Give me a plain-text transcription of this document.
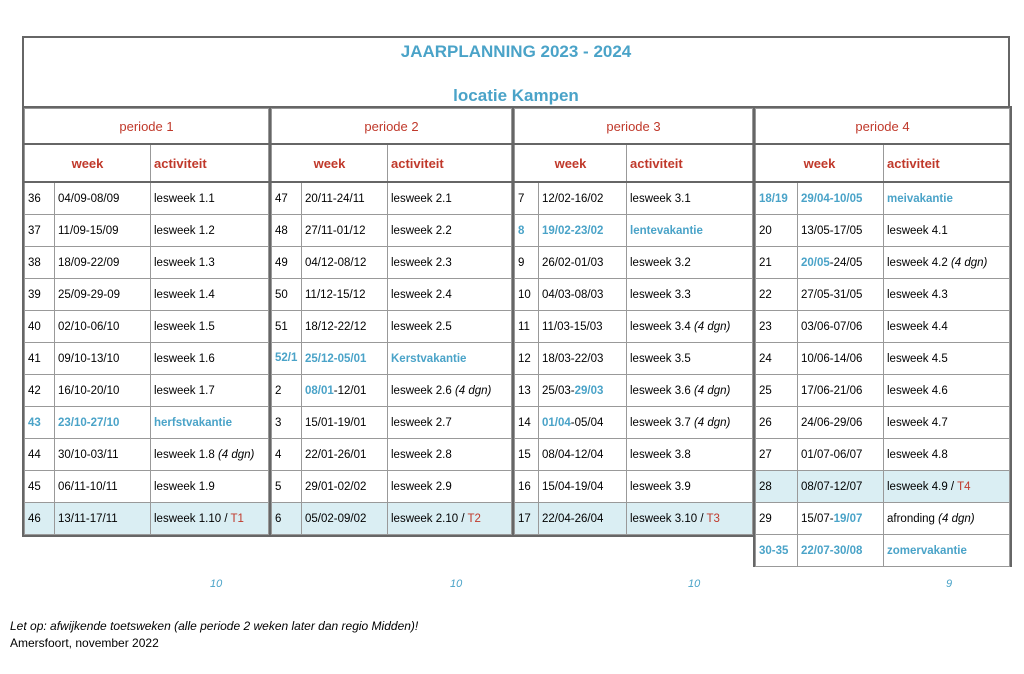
JAARPLANNING 2023 - 2024
locatie Kampen
periode 1		
week		activiteit
36	04/09-08/09	lesweek 1.1
37	11/09-15/09	lesweek 1.2
38	18/09-22/09	lesweek 1.3
39	25/09-29-09	lesweek 1.4
40	02/10-06/10	lesweek 1.5
41	09/10-13/10	lesweek 1.6
42	16/10-20/10	lesweek 1.7
43	23/10-27/10	herfstvakantie
44	30/10-03/11	lesweek 1.8 (4 dgn)
45	06/11-10/11	lesweek 1.9
46	13/11-17/11	lesweek 1.10 / T1
periode 2		
week		activiteit
47	20/11-24/11	lesweek 2.1
48	27/11-01/12	lesweek 2.2
49	04/12-08/12	lesweek 2.3
50	11/12-15/12	lesweek 2.4
51	18/12-22/12	lesweek 2.5
52/1	25/12-05/01	Kerstvakantie
2	08/01-12/01	lesweek 2.6 (4 dgn)
3	15/01-19/01	lesweek 2.7
4	22/01-26/01	lesweek 2.8
5	29/01-02/02	lesweek 2.9
6	05/02-09/02	lesweek 2.10 / T2
periode 3		
week		activiteit
7	12/02-16/02	lesweek 3.1
8	19/02-23/02	lentevakantie
9	26/02-01/03	lesweek 3.2
10	04/03-08/03	lesweek 3.3
11	11/03-15/03	lesweek 3.4 (4 dgn)
12	18/03-22/03	lesweek 3.5
13	25/03-29/03	lesweek 3.6 (4 dgn)
14	01/04-05/04	lesweek 3.7 (4 dgn)
15	08/04-12/04	lesweek 3.8
16	15/04-19/04	lesweek 3.9
17	22/04-26/04	lesweek 3.10 / T3
periode 4		
week		activiteit
18/19	29/04-10/05	meivakantie
20	13/05-17/05	lesweek 4.1
21	20/05-24/05	lesweek 4.2 (4 dgn)
22	27/05-31/05	lesweek 4.3
23	03/06-07/06	lesweek 4.4
24	10/06-14/06	lesweek 4.5
25	17/06-21/06	lesweek 4.6
26	24/06-29/06	lesweek 4.7
27	01/07-06/07	lesweek 4.8
28	08/07-12/07	lesweek 4.9 / T4
29	15/07-19/07	afronding (4 dgn)
30-35	22/07-30/08	zomervakantie
10	10	10	9
Let op: afwijkende toetsweken (alle periode 2 weken later dan regio Midden)!
Amersfoort, november 2022
